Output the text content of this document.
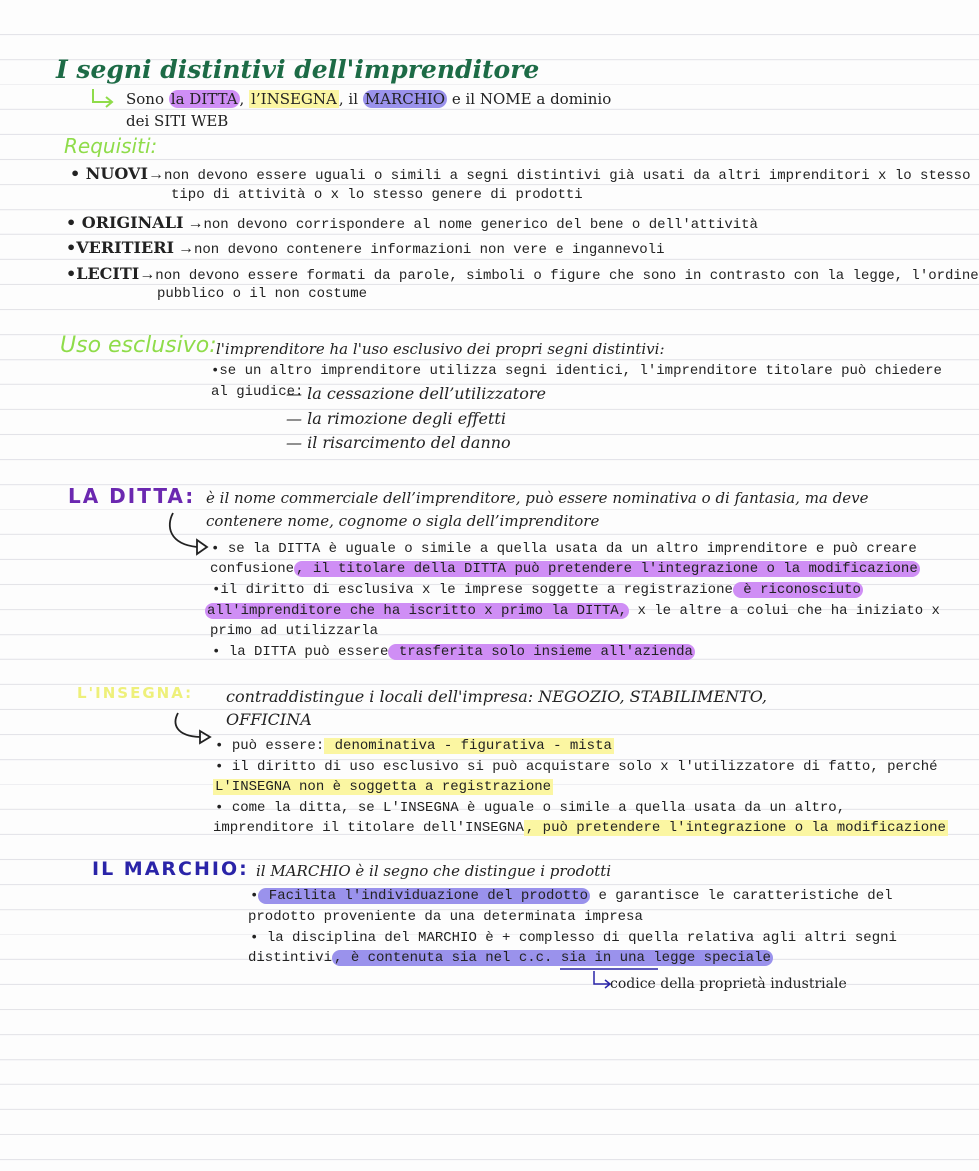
I segni distintivi dell'imprenditore
Sono la DITTA , l’INSEGNA , il MARCHIO e il NOME a dominio
dei SITI WEB
Requisiti:
• NUOVI→non devono essere uguali o simili a segni distintivi già usati da altri imprenditori x lo stesso
tipo di attività o x lo stesso genere di prodotti
• ORIGINALI →non devono corrispondere al nome generico del bene o dell'attività
•VERITIERI →non devono contenere informazioni non vere e ingannevoli
•LECITI→non devono essere formati da parole, simboli o figure che sono in contrasto con la legge, l'ordine
pubblico o il non costume
Uso esclusivo: l'imprenditore ha l'uso esclusivo dei propri segni distintivi:
•se un altro imprenditore utilizza segni identici, l'imprenditore titolare può chiedere
al giudice:
— la cessazione dell’utilizzatore
— la rimozione degli effetti
— il risarcimento del danno
LA DITTA: è il nome commerciale dell’imprenditore, può essere nominativa o di fantasia, ma deve
contenere nome, cognome o sigla dell’imprenditore
• se la DITTA è uguale o simile a quella usata da un altro imprenditore e può creare
confusione , il titolare della DITTA può pretendere l'integrazione o la modificazione
•il diritto di esclusiva x le imprese soggette a registrazione è riconosciuto
all'imprenditore che ha iscritto x primo la DITTA, x le altre a colui che ha iniziato x
primo ad utilizzarla
• la DITTA può essere trasferita solo insieme all'azienda
L'INSEGNA: contraddistingue i locali dell'impresa: NEGOZIO, STABILIMENTO,
OFFICINA
• può essere: denominativa - figurativa - mista
• il diritto di uso esclusivo si può acquistare solo x l'utilizzatore di fatto, perché
L'INSEGNA non è soggetta a registrazione
• come la ditta, se L'INSEGNA è uguale o simile a quella usata da un altro,
imprenditore il titolare dell'INSEGNA , può pretendere l'integrazione o la modificazione
IL MARCHIO: il MARCHIO è il segno che distingue i prodotti
• Facilita l'individuazione del prodotto e garantisce le caratteristiche del
prodotto proveniente da una determinata impresa
• la disciplina del MARCHIO è + complesso di quella relativa agli altri segni
distintivi , è contenuta sia nel c.c. sia in una legge speciale
codice della proprietà industriale
